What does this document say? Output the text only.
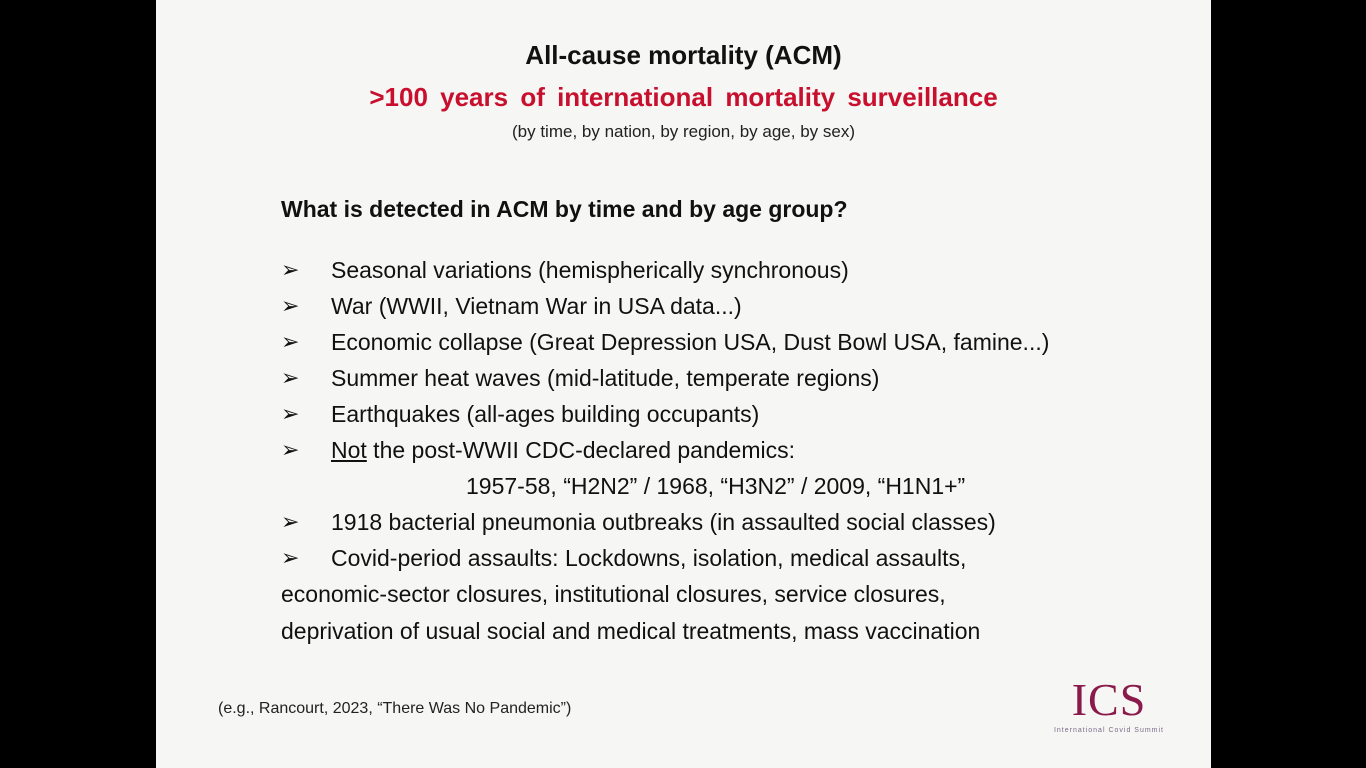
All-cause mortality (ACM)
>100 years of international mortality surveillance
(by time, by nation, by region, by age, by sex)
What is detected in ACM by time and by age group?
➢	Seasonal variations (hemispherically synchronous)
➢	War (WWII, Vietnam War in USA data...)
➢	Economic collapse (Great Depression USA, Dust Bowl USA, famine...)
➢	Summer heat waves (mid-latitude, temperate regions)
➢	Earthquakes (all-ages building occupants)
➢	Not the post-WWII CDC-declared pandemics:
1957-58, “H2N2” / 1968, “H3N2” / 2009, “H1N1+”
➢	1918 bacterial pneumonia outbreaks (in assaulted social classes)
➢	Covid-period assaults: Lockdowns, isolation, medical assaults,
economic-sector closures, institutional closures, service closures,
deprivation of usual social and medical treatments, mass vaccination
(e.g., Rancourt, 2023, “There Was No Pandemic”)	ICS
International Covid Summit
